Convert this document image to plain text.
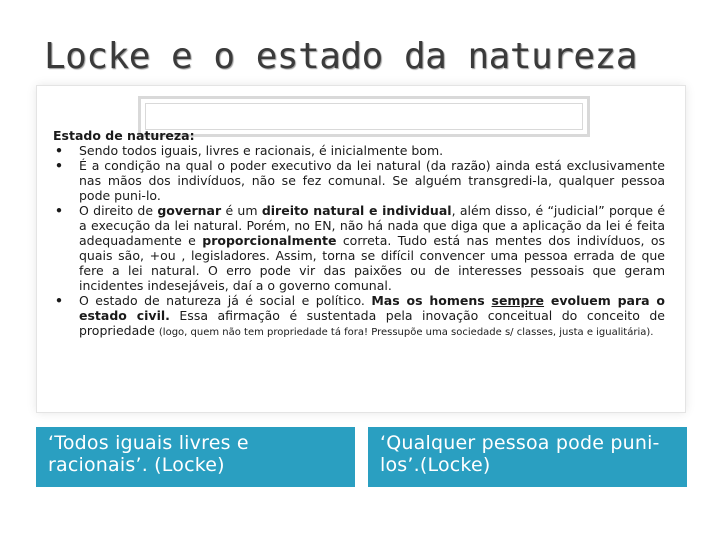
Locke e o estado da natureza

Estado de natureza:

• Sendo todos iguais, livres e racionais, é inicialmente bom.
• É a condição na qual o poder executivo da lei natural (da razão) ainda está exclusivamente nas mãos dos indivíduos, não se fez comunal. Se alguém transgredi-la, qualquer pessoa pode puni-lo.
• O direito de governar é um direito natural e individual, além disso, é “judicial” porque é a execução da lei natural. Porém, no EN, não há nada que diga que a aplicação da lei é feita adequadamente e proporcionalmente correta. Tudo está nas mentes dos indivíduos, os quais são, +ou , legisladores. Assim, torna se difícil convencer uma pessoa errada de que fere a lei natural. O erro pode vir das paixões ou de interesses pessoais que geram incidentes indesejáveis, daí a o governo comunal.
• O estado de natureza já é social e político. Mas os homens sempre evoluem para o estado civil. Essa afirmação é sustentada pela inovação conceitual do conceito de propriedade (logo, quem não tem propriedade tá fora! Pressupõe uma sociedade s/ classes, justa e igualitária).
‘Todos iguais livres e racionais’. (Locke)
‘Qualquer pessoa pode puni-los’.(Locke)
